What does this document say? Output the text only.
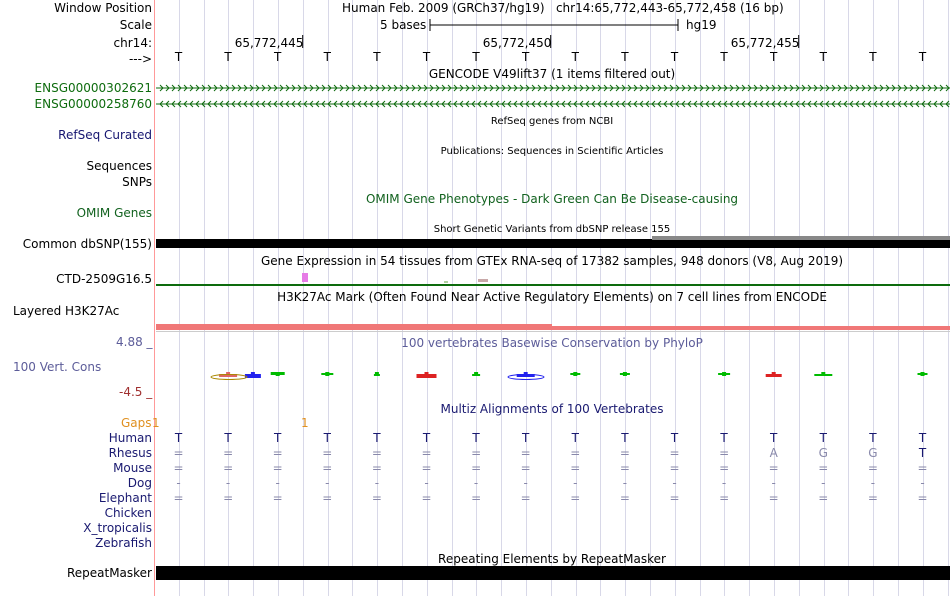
Window Position	Human Feb. 2009 (GRCh37/hg19)   chr14:65,772,443-65,772,458 (16 bp)
Scale	5 bases	hg19
chr14:
--->
65,772,445	65,772,450	65,772,455
T	T	T	T	T	T	T	T	T	T	T	T	T	T	T	T
GENCODE V49lift37 (1 items filtered out)
ENSG00000302621
ENSG00000258760
RefSeq genes from NCBI
RefSeq Curated
Publications: Sequences in Scientific Articles
Sequences
SNPs
OMIM Gene Phenotypes - Dark Green Can Be Disease-causing
OMIM Genes
Short Genetic Variants from dbSNP release 155
Common dbSNP(155)
Gene Expression in 54 tissues from GTEx RNA-seq of 17382 samples, 948 donors (V8, Aug 2019)
CTD-2509G16.5
H3K27Ac Mark (Often Found Near Active Regulatory Elements) on 7 cell lines from ENCODE
Layered H3K27Ac
100 vertebrates Basewise Conservation by PhyloP
4.88 _
100 Vert. Cons
-4.5 _
Multiz Alignments of 100 Vertebrates
Gaps 1	1
Human T	T	T	T	T	T	T	T	T	T	T	T	T	T	T	T
Rhesus =	=	=	=	=	=	=	=	=	=	=	=	A	G	G	T
Mouse =	=	=	=	=	=	=	=	=	=	=	=	=	=	=	=
Dog	-	-	-	-	-	-	-	-	-	-	-	-	-	-	-	-
Elephant =	=	=	=	=	=	=	=	=	=	=	=	=	=	=	=
Chicken
X_tropicalis
Zebrafish
Repeating Elements by RepeatMasker
RepeatMasker
